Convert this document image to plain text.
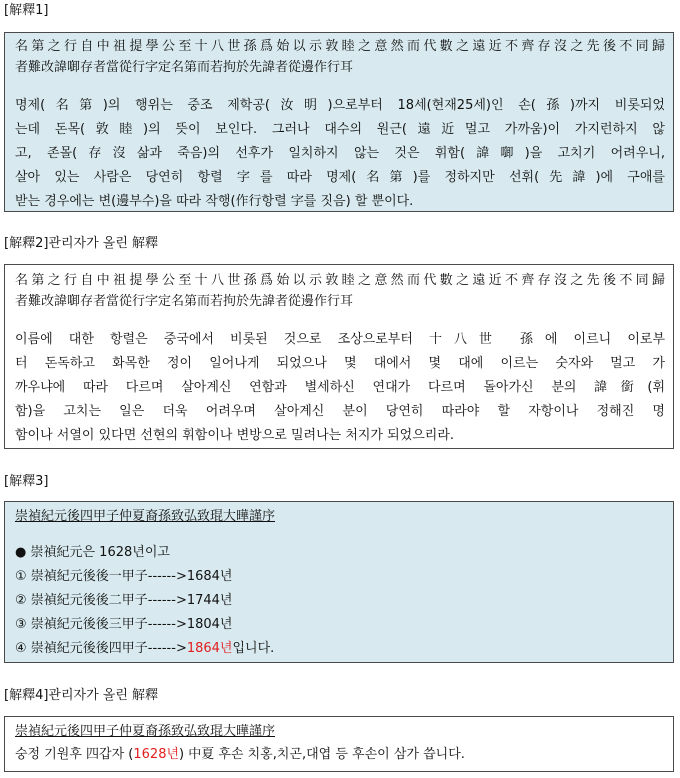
[解釋1]
名第之行自中祖提學公至十八世孫爲始以示敦睦之意然而代數之遠近不齊存沒之先後不同歸
者難改諱啣存者當從行字定名第而若拘於先諱者從邊作行耳
명제(名第)의 행위는 중조 제학공(汝明)으로부터 18세(현재25세)인 손(孫)까지 비롯되었
는데 돈목(敦睦)의 뜻이 보인다. 그러나 대수의 원근(遠近멀고 가까움)이 가지런하지 않
고, 존몰(存沒삶과 죽음)의 선후가 일치하지 않는 것은 휘함(諱啣)을 고치기 어려우니,
살아 있는 사람은 당연히 항렬 字를 따라 명제(名第)를 정하지만 선휘(先諱)에 구애를
받는 경우에는 변(邊부수)을 따라 작행(作行항렬 字를 짓음) 할 뿐이다.
[解釋2]관리자가 올린 解釋
名第之行自中祖提學公至十八世孫爲始以示敦睦之意然而代數之遠近不齊存沒之先後不同歸
者難改諱啣存者當從行字定名第而若拘於先諱者從邊作行耳
이름에 대한 항렬은 중국에서 비롯된 것으로 조상으로부터 十八世 孫에 이르니 이로부
터 돈독하고 화목한 정이 일어나게 되었으나 몇 대에서 몇 대에 이르는 숫자와 멀고 가
까우냐에 따라 다르며 살아계신 연함과 별세하신 연대가 다르며 돌아가신 분의 諱銜(휘
함)을 고치는 일은 더욱 어려우며 살아계신 분이 당연히 따라야 할 자항이나 정해진 명
함이나 서열이 있다면 선현의 휘함이나 변방으로 밀려나는 처지가 되었으리라.
[解釋3]
崇禎紀元後四甲子仲夏裔孫致弘致琨大曄謹序
● 崇禎紀元은 1628년이고
① 崇禎紀元後後一甲子------>1684년
② 崇禎紀元後後二甲子------>1744년
③ 崇禎紀元後後三甲子------>1804년
④ 崇禎紀元後後四甲子------>1864년입니다.
[解釋4]관리자가 올린 解釋
崇禎紀元後四甲子仲夏裔孫致弘致琨大曄謹序
숭정 기원후 四갑자 (1628년) 中夏 후손 치홍,치곤,대엽 등 후손이 삼가 씁니다.
